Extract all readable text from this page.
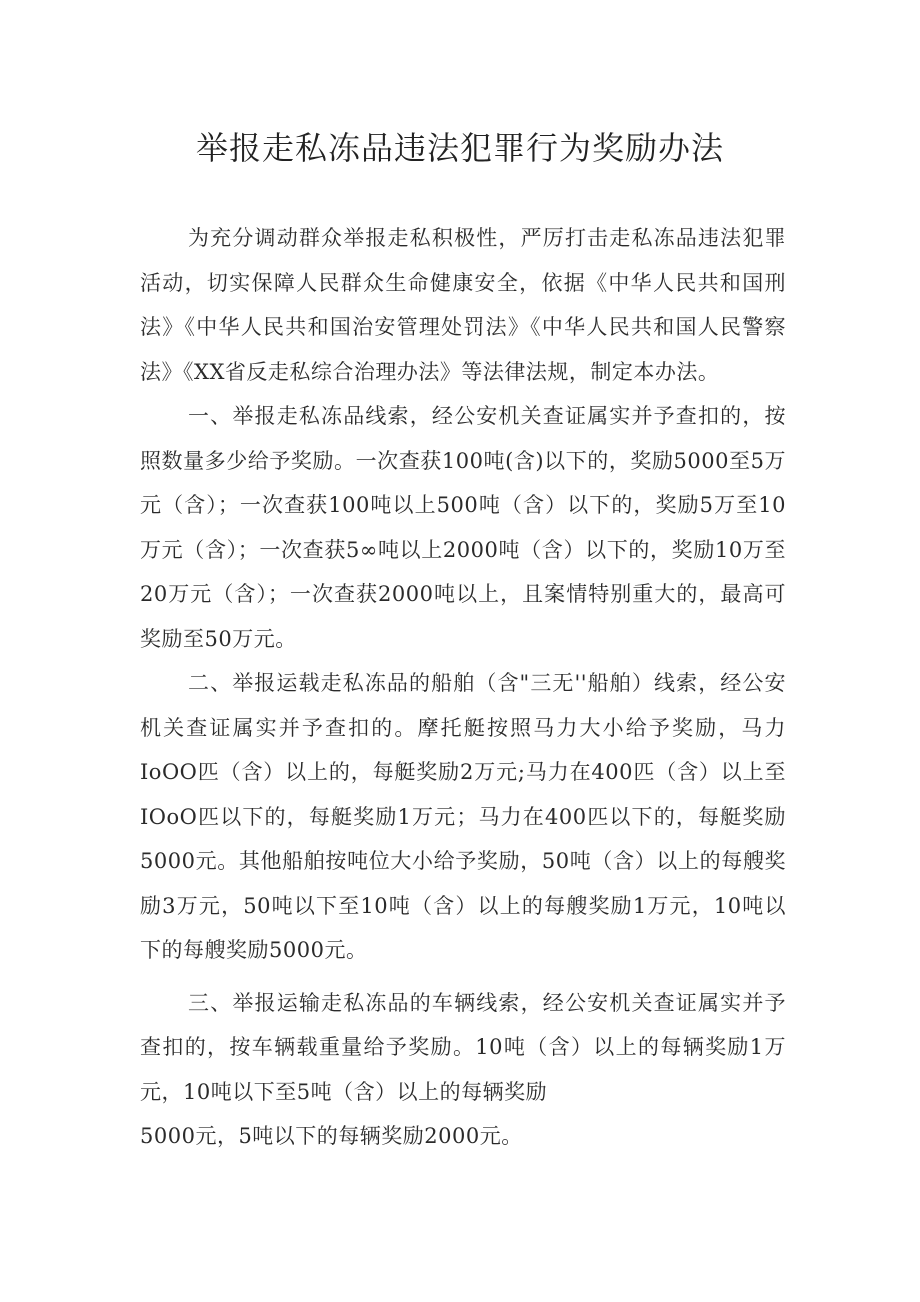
举报走私冻品违法犯罪行为奖励办法

为充分调动群众举报走私积极性，严厉打击走私冻品违法犯罪活动，切实保障人民群众生命健康安全，依据《中华人民共和国刑法》《中华人民共和国治安管理处罚法》《中华人民共和国人民警察法》《XX省反走私综合治理办法》等法律法规，制定本办法。

一、举报走私冻品线索，经公安机关查证属实并予查扣的，按照数量多少给予奖励。一次查获100吨(含)以下的，奖励5000至5万元（含）；一次查获100吨以上500吨（含）以下的，奖励5万至10万元（含）；一次查获5∞吨以上2000吨（含）以下的，奖励10万至20万元（含）；一次查获2000吨以上，且案情特别重大的，最高可奖励至50万元。

二、举报运载走私冻品的船舶（含"三无''船舶）线索，经公安机关查证属实并予查扣的。摩托艇按照马力大小给予奖励，马力IoOO匹（含）以上的，每艇奖励2万元;马力在400匹（含）以上至IOoO匹以下的，每艇奖励1万元；马力在400匹以下的，每艇奖励5000元。其他船舶按吨位大小给予奖励，50吨（含）以上的每艘奖励3万元，50吨以下至10吨（含）以上的每艘奖励1万元，10吨以下的每艘奖励5000元。

三、举报运输走私冻品的车辆线索，经公安机关查证属实并予查扣的，按车辆载重量给予奖励。10吨（含）以上的每辆奖励1万元，10吨以下至5吨（含）以上的每辆奖励

5000元，5吨以下的每辆奖励2000元。
